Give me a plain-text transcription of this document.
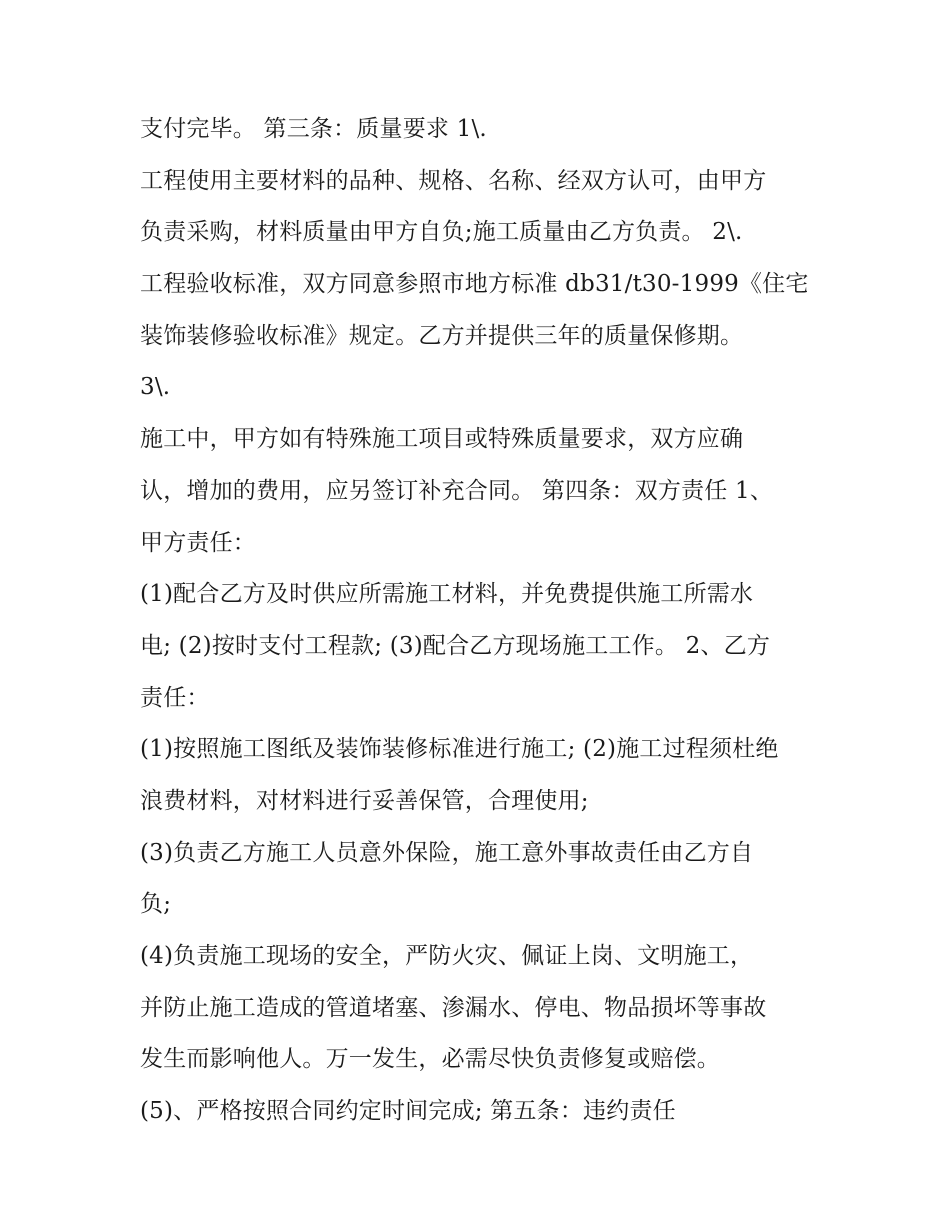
支付完毕。 第三条：质量要求 1\.
工程使用主要材料的品种、规格、名称、经双方认可，由甲方
负责采购，材料质量由甲方自负;施工质量由乙方负责。 2\.
工程验收标准，双方同意参照市地方标准 db31/t30-1999《住宅
装饰装修验收标准》规定。乙方并提供三年的质量保修期。
3\.
施工中，甲方如有特殊施工项目或特殊质量要求，双方应确
认，增加的费用，应另签订补充合同。 第四条：双方责任 1、
甲方责任：
(1)配合乙方及时供应所需施工材料，并免费提供施工所需水
电; (2)按时支付工程款; (3)配合乙方现场施工工作。 2、乙方
责任：
(1)按照施工图纸及装饰装修标准进行施工; (2)施工过程须杜绝
浪费材料，对材料进行妥善保管，合理使用;
(3)负责乙方施工人员意外保险，施工意外事故责任由乙方自
负;
(4)负责施工现场的安全，严防火灾、佩证上岗、文明施工，
并防止施工造成的管道堵塞、渗漏水、停电、物品损坏等事故
发生而影响他人。万一发生，必需尽快负责修复或赔偿。
(5)、严格按照合同约定时间完成; 第五条：违约责任
